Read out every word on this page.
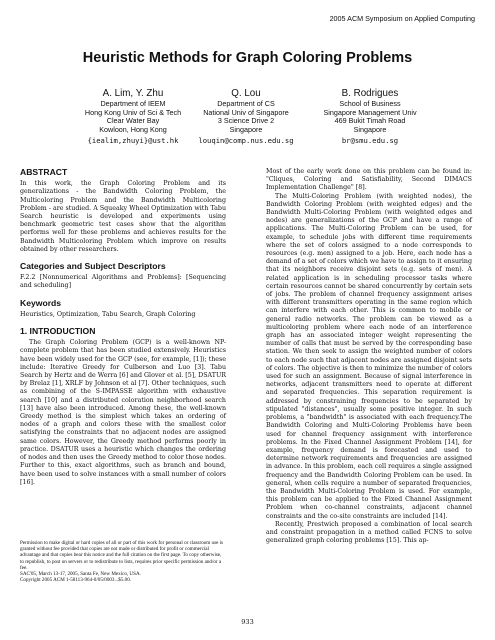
2005 ACM Symposium on Applied Computing
Heuristic Methods for Graph Coloring Problems
A. Lim, Y. Zhu
Department of IEEM
Hong Kong Univ of Sci & Tech
Clear Water Bay
Kowloon, Hong Kong
{iealim,zhuyi}@ust.hk
Q. Lou
Department of CS
National Univ of Singapore
3 Science Drive 2
Singapore
louqin@comp.nus.edu.sg
B. Rodrigues
School of Business
Singapore Management Univ
469 Bukit Timah Road
Singapore
br@smu.edu.sg
ABSTRACT

In this work, the Graph Coloring Problem and its generalizations - the Bandwidth Coloring Problem, the Multicoloring Problem and the Bandwidth Multicoloring Problem - are studied. A Squeaky Wheel Optimization with Tabu Search heuristic is developed and experiments using benchmark geometric test cases show that the algorithm performs well for these problems and achieves results for the Bandwidth Multicoloring Problem which improve on results obtained by other researchers.

Categories and Subject Descriptors

F.2.2 [Nonnumerical Algorithms and Problems]: [Sequencing and scheduling]

Keywords

Heuristics, Optimization, Tabu Search, Graph Coloring

1. INTRODUCTION

The Graph Coloring Problem (GCP) is a well-known NP-complete problem that has been studied extensively. Heuristics have been widely used for the GCP (see, for example, [1]); these include: Iterative Greedy for Culberson and Luo [3]. Tabu Search by Hertz and de Werra [6] and Glover et al. [5], DSATUR by Brelaz [1], XRLF by Johnson et al [7]. Other techniques, such as combining of the S-IMPASSE algorithm with exhaustive search [10] and a distributed coloration neighborhood search [13] have also been introduced. Among these, the well-known Greedy method is the simplest which takes an ordering of nodes of a graph and colors these with the smallest color satisfying the constraints that no adjacent nodes are assigned same colors. However, the Greedy method performs poorly in practice. DSATUR uses a heuristic which changes the ordering of nodes and then uses the Greedy method to color those nodes. Further to this, exact algorithms, such as branch and bound, have been used to solve instances with a small number of colors [16].

Permission to make digital or hard copies of all or part of this work for personal or classroom use is granted without fee provided that copies are not made or distributed for profit or commercial advantage and that copies bear this notice and the full citation on the first page. To copy otherwise, to republish, to post on servers or to redistribute to lists, requires prior specific permission and/or a fee.

SAC'05, March 13-17, 2005, Santa Fe, New Mexico, USA.

Copyright 2005 ACM 1-58113-964-0/05/0003...$5.00.

Most of the early work done on this problem can be found in: "Cliques, Coloring and Satisfiability, Second DIMACS Implementation Challenge" [8].

The Multi-Coloring Problem (with weighted nodes), the Bandwidth Coloring Problem (with weighted edges) and the Bandwidth Multi-Coloring Problem (with weighted edges and nodes) are generalizations of the GCP and have a range of applications. The Multi-Coloring Problem can be used, for example, to schedule jobs with different time requirements where the set of colors assigned to a node corresponds to resources (e.g. men) assigned to a job. Here, each node has a demand of a set of colors which we have to assign to it ensuring that its neighbors receive disjoint sets (e.g. sets of men). A related application is in scheduling processor tasks where certain resources cannot be shared concurrently by certain sets of jobs. The problem of channel frequency assignment arises with different transmitters operating in the same region which can interfere with each other. This is common to mobile or general radio networks. The problem can be viewed as a multicoloring problem where each node of an interference graph has an associated integer weight representing the number of calls that must be served by the corresponding base station. We then seek to assign the weighted number of colors to each node such that adjacent nodes are assigned disjoint sets of colors. The objective is then to minimize the number of colors used for such an assignment. Because of signal interference in networks, adjacent transmitters need to operate at different and separated frequencies. This separation requirement is addressed by constraining frequencies to be separated by stipulated "distances", usually some positive integer. In such problems, a "bandwidth" is associated with each frequency.The Bandwidth Coloring and Multi-Coloring Problems have been used for channel frequency assignment with interference problems. In the Fixed Channel Assignment Problem [14], for example, frequency demand is forecasted and used to determine network requirements and frequencies are assigned in advance. In this problem, each cell requires a single assigned frequency and the Bandwidth Coloring Problem can be used. In general, when cells require a number of separated frequencies, the Bandwidth Multi-Coloring Problem is used. For example, this problem can be applied to the Fixed Channel Assignment Problem when co-channel constraints, adjacent channel constraints and the co-site constraints are included [14].

Recently, Prestwich proposed a combination of local search and constraint propagation in a method called FCNS to solve generalized graph coloring problems [15]. This ap-

933
